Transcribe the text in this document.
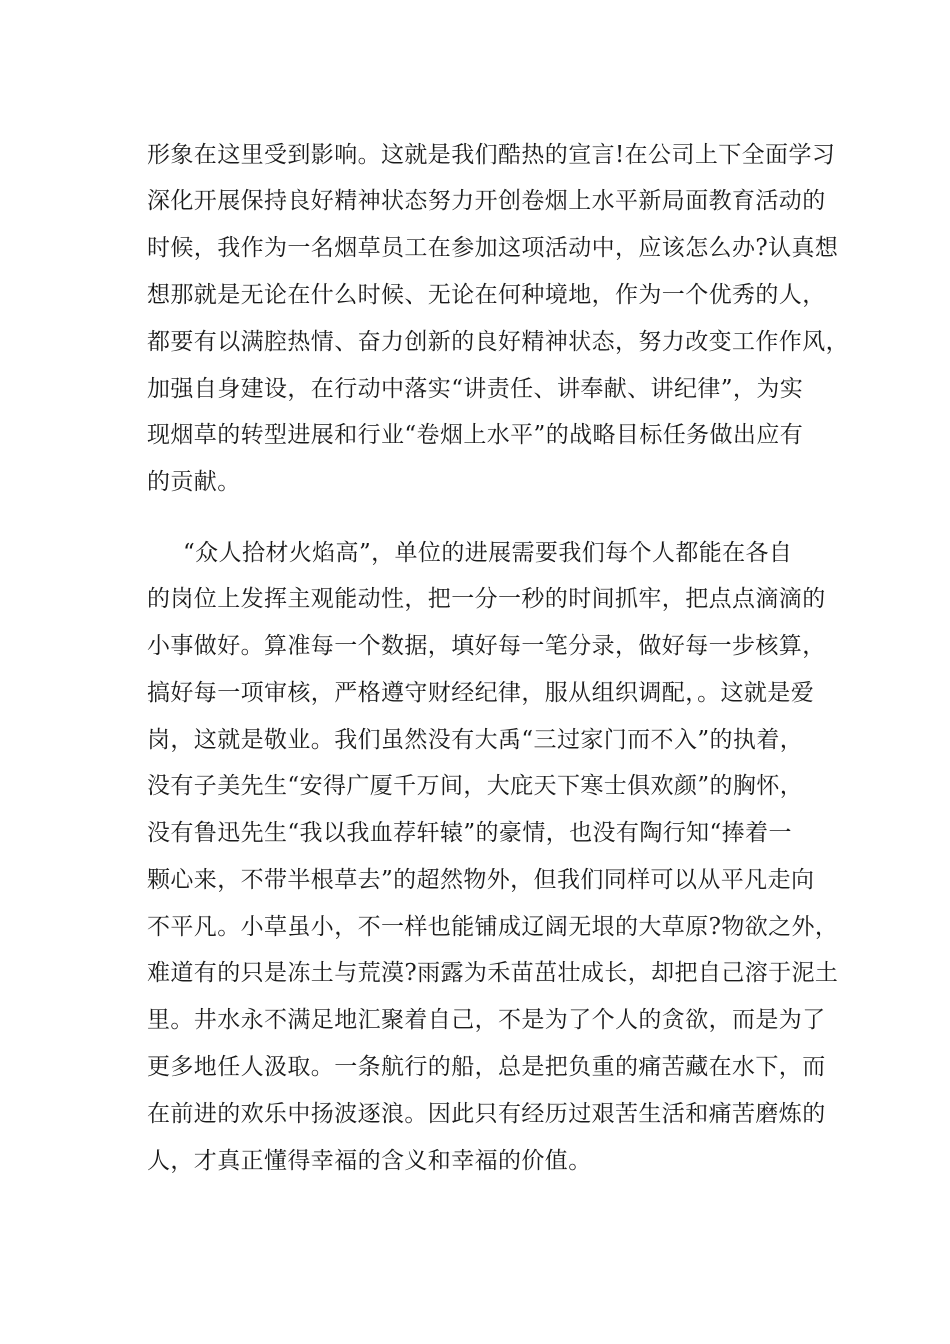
形象在这里受到影响。这就是我们酷热的宣言!在公司上下全面学习
深化开展保持良好精神状态努力开创卷烟上水平新局面教育活动的
时候，我作为一名烟草员工在参加这项活动中，应该怎么办?认真想
想那就是无论在什么时候、无论在何种境地，作为一个优秀的人，
都要有以满腔热情、奋力创新的良好精神状态，努力改变工作作风，
加强自身建设，在行动中落实“讲责任、讲奉献、讲纪律”，为实
现烟草的转型进展和行业“卷烟上水平”的战略目标任务做出应有
的贡献。
“众人拾材火焰高”，单位的进展需要我们每个人都能在各自
的岗位上发挥主观能动性，把一分一秒的时间抓牢，把点点滴滴的
小事做好。算准每一个数据，填好每一笔分录，做好每一步核算，
搞好每一项审核，严格遵守财经纪律，服从组织调配，。这就是爱
岗，这就是敬业。我们虽然没有大禹“三过家门而不入”的执着，
没有子美先生“安得广厦千万间，大庇天下寒士俱欢颜”的胸怀，
没有鲁迅先生“我以我血荐轩辕”的豪情，也没有陶行知“捧着一
颗心来，不带半根草去”的超然物外，但我们同样可以从平凡走向
不平凡。小草虽小，不一样也能铺成辽阔无垠的大草原?物欲之外，
难道有的只是冻土与荒漠?雨露为禾苗茁壮成长，却把自己溶于泥土
里。井水永不满足地汇聚着自己，不是为了个人的贪欲，而是为了
更多地任人汲取。一条航行的船，总是把负重的痛苦藏在水下，而
在前进的欢乐中扬波逐浪。因此只有经历过艰苦生活和痛苦磨炼的
人，才真正懂得幸福的含义和幸福的价值。
